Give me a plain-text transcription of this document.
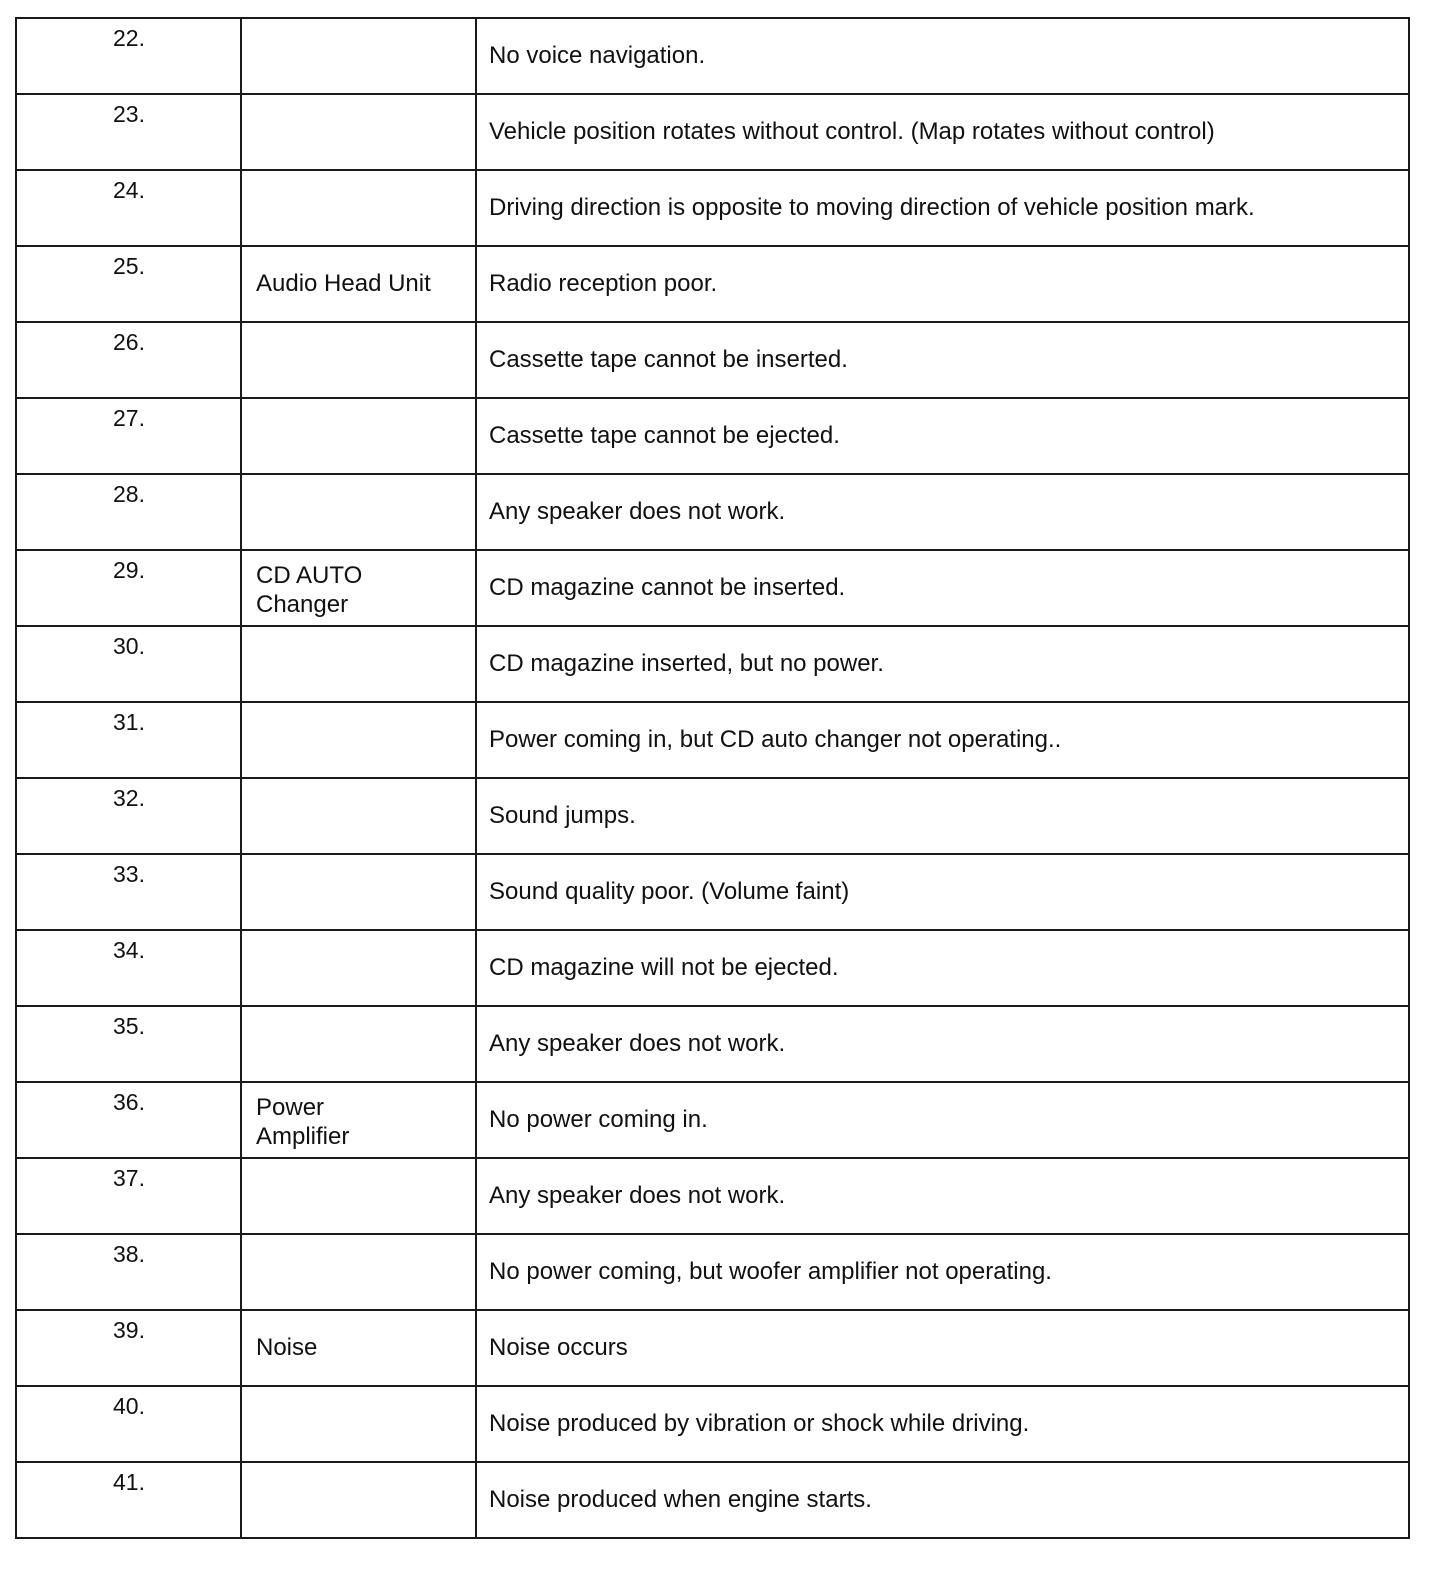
22.		No voice navigation.

23.		Vehicle position rotates without control. (Map rotates without control)

24.		Driving direction is opposite to moving direction of vehicle position mark.

25.	Audio Head Unit	Radio reception poor.

26.		Cassette tape cannot be inserted.

27.		Cassette tape cannot be ejected.

28.		Any speaker does not work.

29.	CD AUTO
Changer	CD magazine cannot be inserted.

30.		CD magazine inserted, but no power.

31.		Power coming in, but CD auto changer not operating..

32.		Sound jumps.

33.		Sound quality poor. (Volume faint)

34.		CD magazine will not be ejected.

35.		Any speaker does not work.

36.	Power
Amplifier	No power coming in.

37.		Any speaker does not work.

38.		No power coming, but woofer amplifier not operating.

39.	Noise	Noise occurs

40.		Noise produced by vibration or shock while driving.

41.		Noise produced when engine starts.
